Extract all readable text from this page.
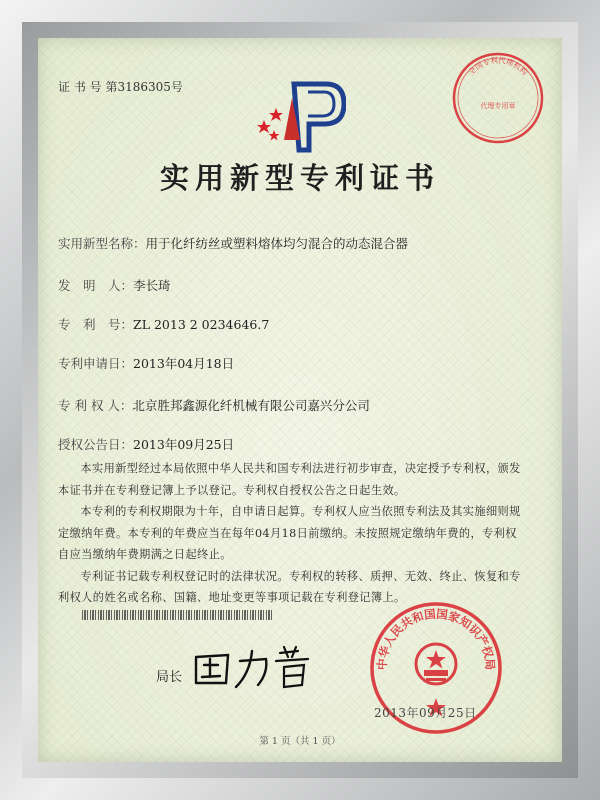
证 书 号 第3186305号
全国专利代理机构
代理专用章
实用新型专利证书
实用新型名称：用于化纤纺丝或塑料熔体均匀混合的动态混合器
发　明　人：李长琦
专　利　号：ZL 2013 2 0234646.7
专利申请日：2013年04月18日
专 利 权 人：北京胜邦鑫源化纤机械有限公司嘉兴分公司
授权公告日：2013年09月25日

本实用新型经过本局依照中华人民共和国专利法进行初步审查，决定授予专利权，颁发本证书并在专利登记簿上予以登记。专利权自授权公告之日起生效。

本专利的专利权期限为十年，自申请日起算。专利权人应当依照专利法及其实施细则规定缴纳年费。本专利的年费应当在每年04月18日前缴纳。未按照规定缴纳年费的，专利权自应当缴纳年费期满之日起终止。

专利证书记载专利权登记时的法律状况。专利权的转移、质押、无效、终止、恢复和专利权人的姓名或名称、国籍、地址变更等事项记载在专利登记簿上。

局长
中华人民共和国国家知识产权局
2013年09月25日
第 1 页（共 1 页）
